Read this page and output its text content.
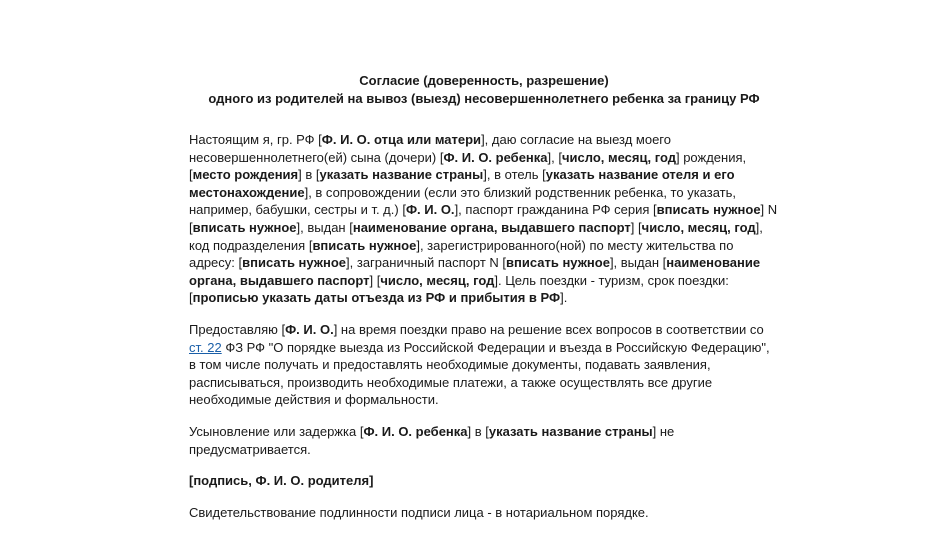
Согласие (доверенность, разрешение)
одного из родителей на вывоз (выезд) несовершеннолетнего ребенка за границу РФ

Настоящим я, гр. РФ [Ф. И. О. отца или матери], даю согласие на выезд моего несовершеннолетнего(ей) сына (дочери) [Ф. И. О. ребенка], [число, месяц, год] рождения, [место рождения] в [указать название страны], в отель [указать название отеля и его местонахождение], в сопровождении (если это близкий родственник ребенка, то указать, например, бабушки, сестры и т. д.) [Ф. И. О.], паспорт гражданина РФ серия [вписать нужное] N [вписать нужное], выдан [наименование органа, выдавшего паспорт] [число, месяц, год], код подразделения [вписать нужное], зарегистрированного(ной) по месту жительства по адресу: [вписать нужное], заграничный паспорт N [вписать нужное], выдан [наименование органа, выдавшего паспорт] [число, месяц, год]. Цель поездки - туризм, срок поездки: [прописью указать даты отъезда из РФ и прибытия в РФ].

Предоставляю [Ф. И. О.] на время поездки право на решение всех вопросов в соответствии со ст. 22 ФЗ РФ "О порядке выезда из Российской Федерации и въезда в Российскую Федерацию", в том числе получать и предоставлять необходимые документы, подавать заявления, расписываться, производить необходимые платежи, а также осуществлять все другие необходимые действия и формальности.

Усыновление или задержка [Ф. И. О. ребенка] в [указать название страны] не предусматривается.

[подпись, Ф. И. О. родителя]

Свидетельствование подлинности подписи лица - в нотариальном порядке.
